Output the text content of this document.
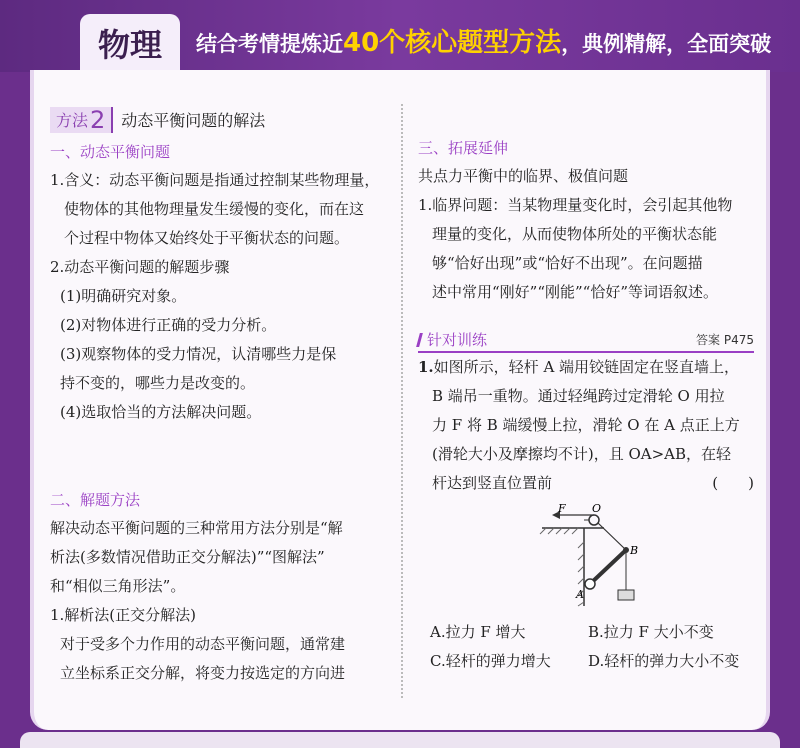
物理	结合考情提炼近 40个核心题型方法 ，典例精解，全面突破
方法 2 动态平衡问题的解法
一、动态平衡问题
1.含义：动态平衡问题是指通过控制某些物理量，
使物体的其他物理量发生缓慢的变化，而在这
个过程中物体又始终处于平衡状态的问题。
2.动态平衡问题的解题步骤
(1)明确研究对象。
(2)对物体进行正确的受力分析。
(3)观察物体的受力情况，认清哪些力是保
持不变的，哪些力是改变的。
(4)选取恰当的方法解决问题。
二、解题方法
解决动态平衡问题的三种常用方法分别是“解
析法(多数情况借助正交分解法)”“图解法”
和“相似三角形法”。
1.解析法(正交分解法)
对于受多个力作用的动态平衡问题，通常建
立坐标系正交分解，将变力按选定的方向进
三、拓展延伸
共点力平衡中的临界、极值问题
1.临界问题：当某物理量变化时，会引起其他物
理量的变化，从而使物体所处的平衡状态能
够“恰好出现”或“恰好不出现”。在问题描
述中常用“刚好”“刚能”“恰好”等词语叙述。
针对训练	答案 P475
1.如图所示，轻杆 A 端用铰链固定在竖直墙上，
B 端吊一重物。通过轻绳跨过定滑轮 O 用拉
力 F 将 B 端缓慢上拉，滑轮 O 在 A 点正上方
(滑轮大小及摩擦均不计)，且 OA>AB，在轻
杆达到竖直位置前	(　　)
F O
B
A
A.拉力 F 增大	B.拉力 F 大小不变
C.轻杆的弹力增大	D.轻杆的弹力大小不变
